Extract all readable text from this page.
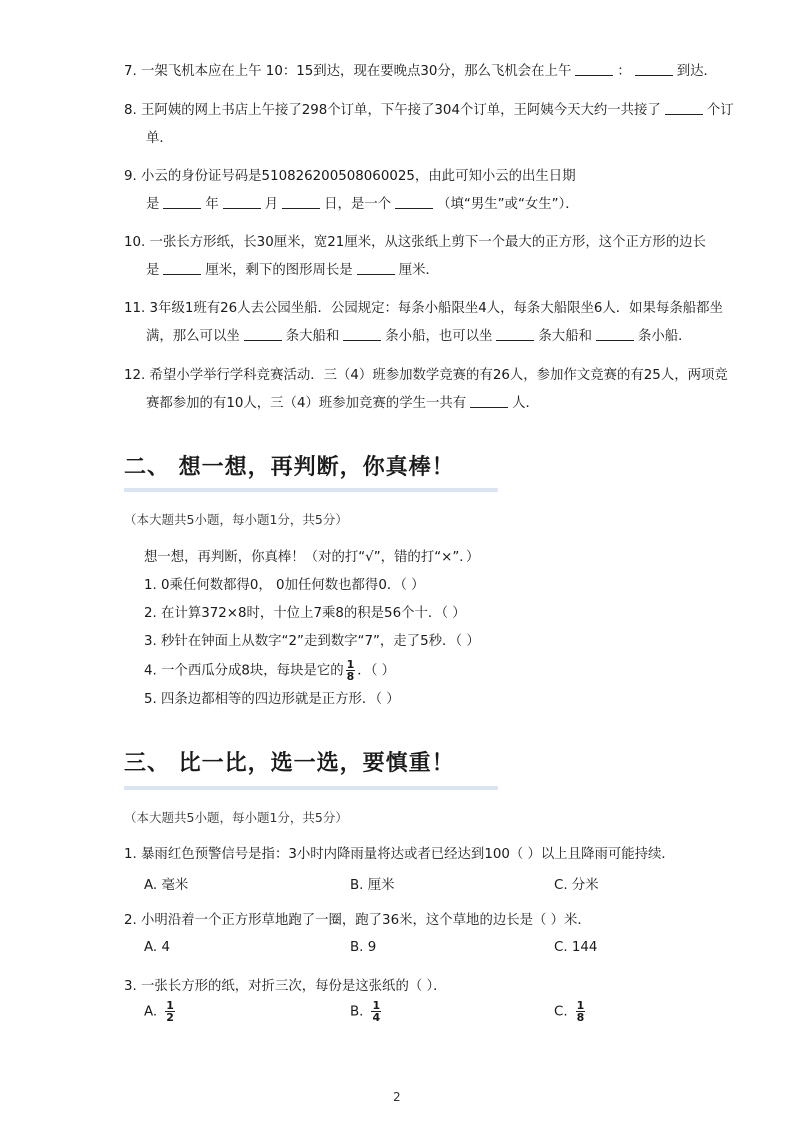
7. 一架飞机本应在上午 10：15到达，现在要晚点30分，那么飞机会在上午	：	到达．
8. 王阿姨的网上书店上午接了298个订单，下午接了304个订单，王阿姨今天大约一共接了	个订
单．
9. 小云的身份证号码是510826200508060025，由此可知小云的出生日期
是	年	月	日，是一个	（填“男生”或“女生”）．
10. 一张长方形纸，长30厘米，宽21厘米，从这张纸上剪下一个最大的正方形，这个正方形的边长
是	厘米，剩下的图形周长是	厘米．
11. 3年级1班有26人去公园坐船．公园规定：每条小船限坐4人，每条大船限坐6人．如果每条船都坐
满，那么可以坐	条大船和	条小船，也可以坐	条大船和	条小船．
12. 希望小学举行学科竞赛活动．三（4）班参加数学竞赛的有26人，参加作文竞赛的有25人，两项竞
赛都参加的有10人，三（4）班参加竞赛的学生一共有	人．
二、 想一想，再判断，你真棒！
（本大题共5小题，每小题1分，共5分）
想一想，再判断，你真棒！（对的打“√”，错的打“×”．）
1. 0乘任何数都得0， 0加任何数也都得0．（ ）
2. 在计算372×8时，十位上7乘8的积是56个十．（ ）
3. 秒针在钟面上从数字“2”走到数字“7”，走了5秒．（ ）
4. 一个西瓜分成8块，每块是它的 $\frac{1}{8}$ ．（ ）
5. 四条边都相等的四边形就是正方形．（ ）
三、 比一比，选一选，要慎重！
（本大题共5小题，每小题1分，共5分）
1. 暴雨红色预警信号是指：3小时内降雨量将达或者已经达到100（ ）以上且降雨可能持续．
A. 毫米	B. 厘米	C. 分米
2. 小明沿着一个正方形草地跑了一圈，跑了36米，这个草地的边长是（ ）米．
A. 4	B. 9	C. 144
3. 一张长方形的纸，对折三次，每份是这张纸的（ ）．
A. $\frac{1}{2}$	B. $\frac{1}{4}$	C. $\frac{1}{8}$
2
